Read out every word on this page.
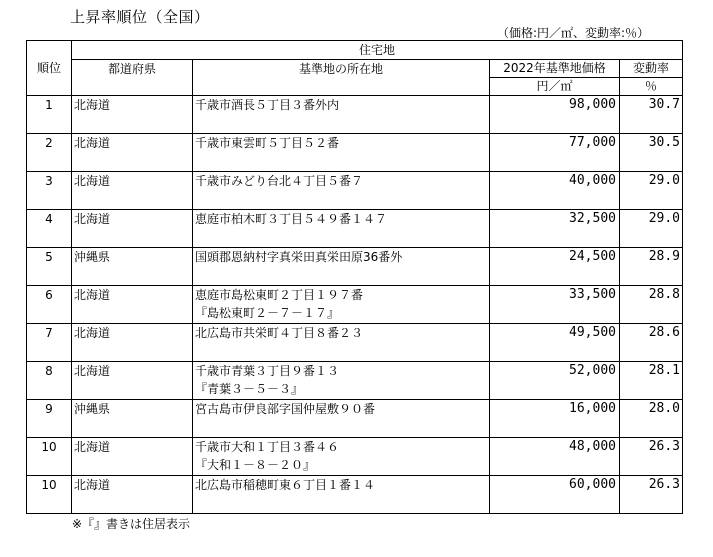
上昇率順位（全国）
（価格:円／㎡、変動率:％）
順位	住宅地			
	都道府県	基準地の所在地	2022年基準地価格	変動率
			円／㎡	％
1	北海道	千歳市酒長５丁目３番外内	98,000	30.7
2	北海道	千歳市東雲町５丁目５２番	77,000	30.5
3	北海道	千歳市みどり台北４丁目５番７	40,000	29.0
4	北海道	恵庭市柏木町３丁目５４９番１４７	32,500	29.0
5	沖縄県	国頭郡恩納村字真栄田真栄田原36番外	24,500	28.9
6	北海道	恵庭市島松東町２丁目１９７番
『島松東町２－７－１７』	33,500	28.8
7	北海道	北広島市共栄町４丁目８番２３	49,500	28.6
8	北海道	千歳市青葉３丁目９番１３
『青葉３－５－３』	52,000	28.1
9	沖縄県	宮古島市伊良部字国仲屋敷９０番	16,000	28.0
10	北海道	千歳市大和１丁目３番４６
『大和１－８－２０』	48,000	26.3
10	北海道	北広島市稲穂町東６丁目１番１４	60,000	26.3
※『』書きは住居表示
